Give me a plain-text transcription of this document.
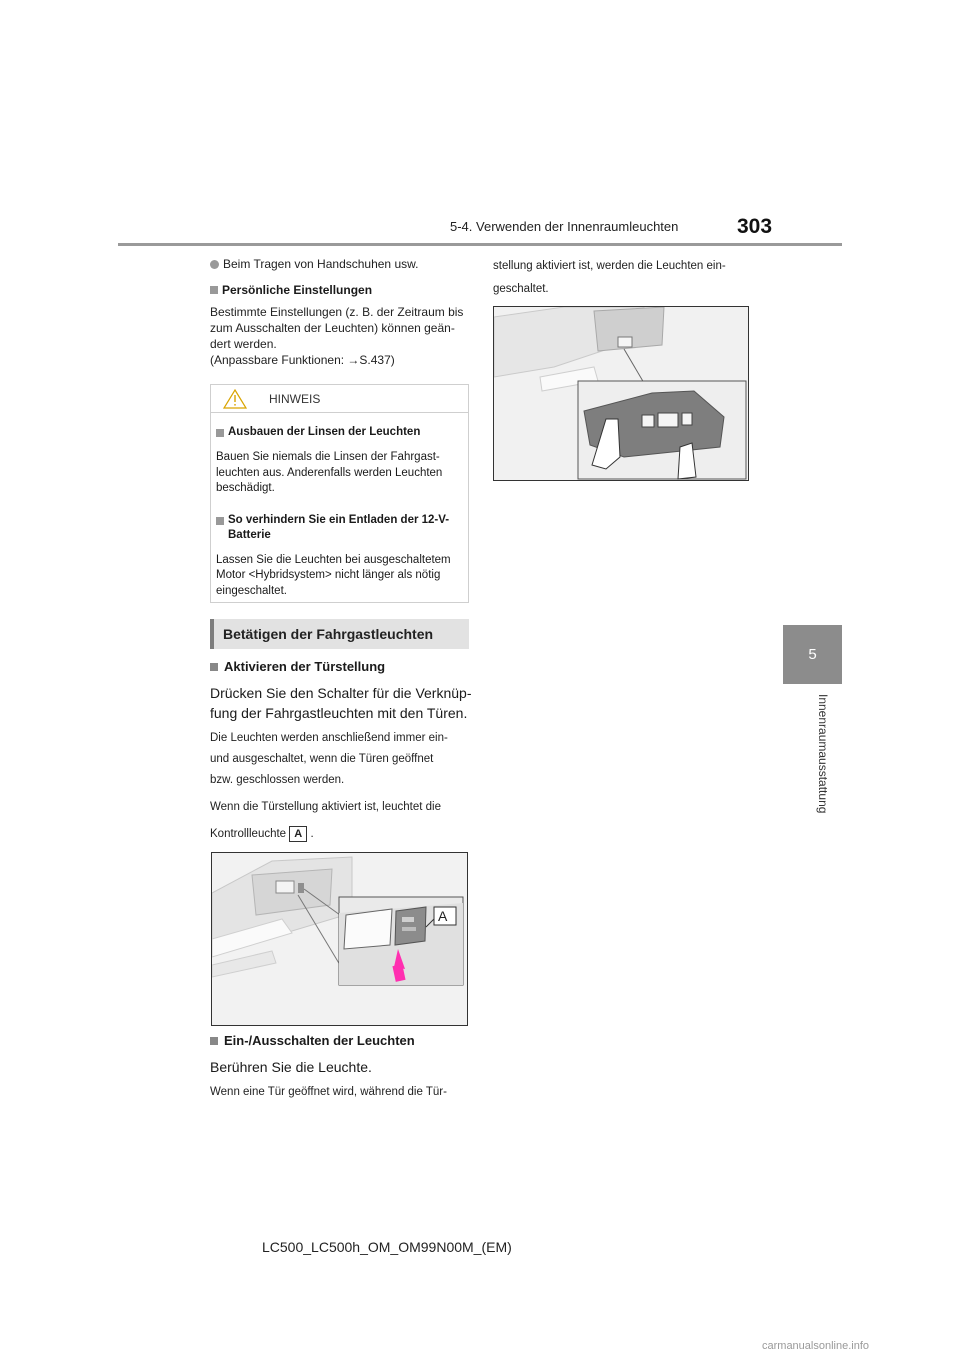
5-4. Verwenden der Innenraumleuchten	303
5
Innenraumausstattung
Beim Tragen von Handschuhen usw.
Persönliche Einstellungen
Bestimmte Einstellungen (z. B. der Zeitraum bis
zum Ausschalten der Leuchten) können geän-
dert werden.
(Anpassbare Funktionen: →S.437)
HINWEIS
Ausbauen der Linsen der Leuchten
Bauen Sie niemals die Linsen der Fahrgast-
leuchten aus. Anderenfalls werden Leuchten
beschädigt.
So verhindern Sie ein Entladen der 12-V-
Batterie
Lassen Sie die Leuchten bei ausgeschaltetem
Motor <Hybridsystem> nicht länger als nötig
eingeschaltet.
Betätigen der Fahrgastleuchten
Aktivieren der Türstellung
Drücken Sie den Schalter für die Verknüp-
fung der Fahrgastleuchten mit den Türen.
Die Leuchten werden anschließend immer ein-
und ausgeschaltet, wenn die Türen geöffnet
bzw. geschlossen werden.
Wenn die Türstellung aktiviert ist, leuchtet die
Kontrollleuchte A .
A
Ein-/Ausschalten der Leuchten
Berühren Sie die Leuchte.
Wenn eine Tür geöffnet wird, während die Tür-
stellung aktiviert ist, werden die Leuchten ein-
geschaltet.
LC500_LC500h_OM_OM99N00M_(EM)
carmanualsonline.info
